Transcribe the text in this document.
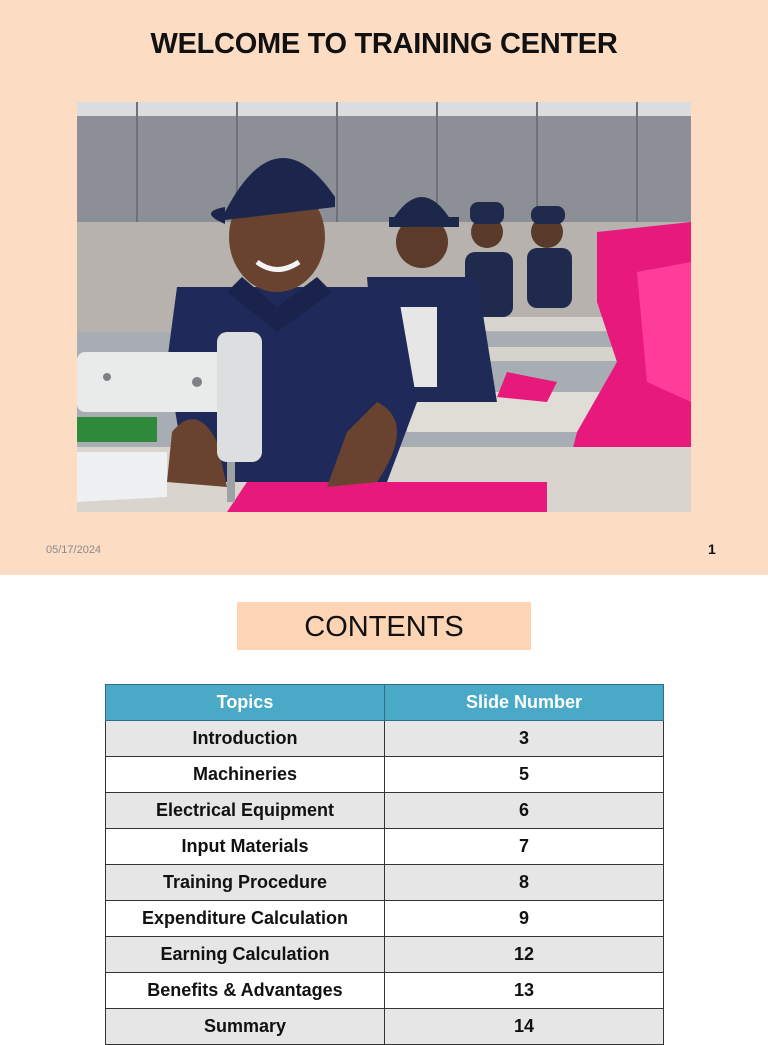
WELCOME TO TRAINING CENTER
05/17/2024	1
CONTENTS
Topics	Slide Number
Introduction	3
Machineries	5
Electrical Equipment	6
Input Materials	7
Training Procedure	8
Expenditure Calculation	9
Earning Calculation	12
Benefits & Advantages	13
Summary	14
